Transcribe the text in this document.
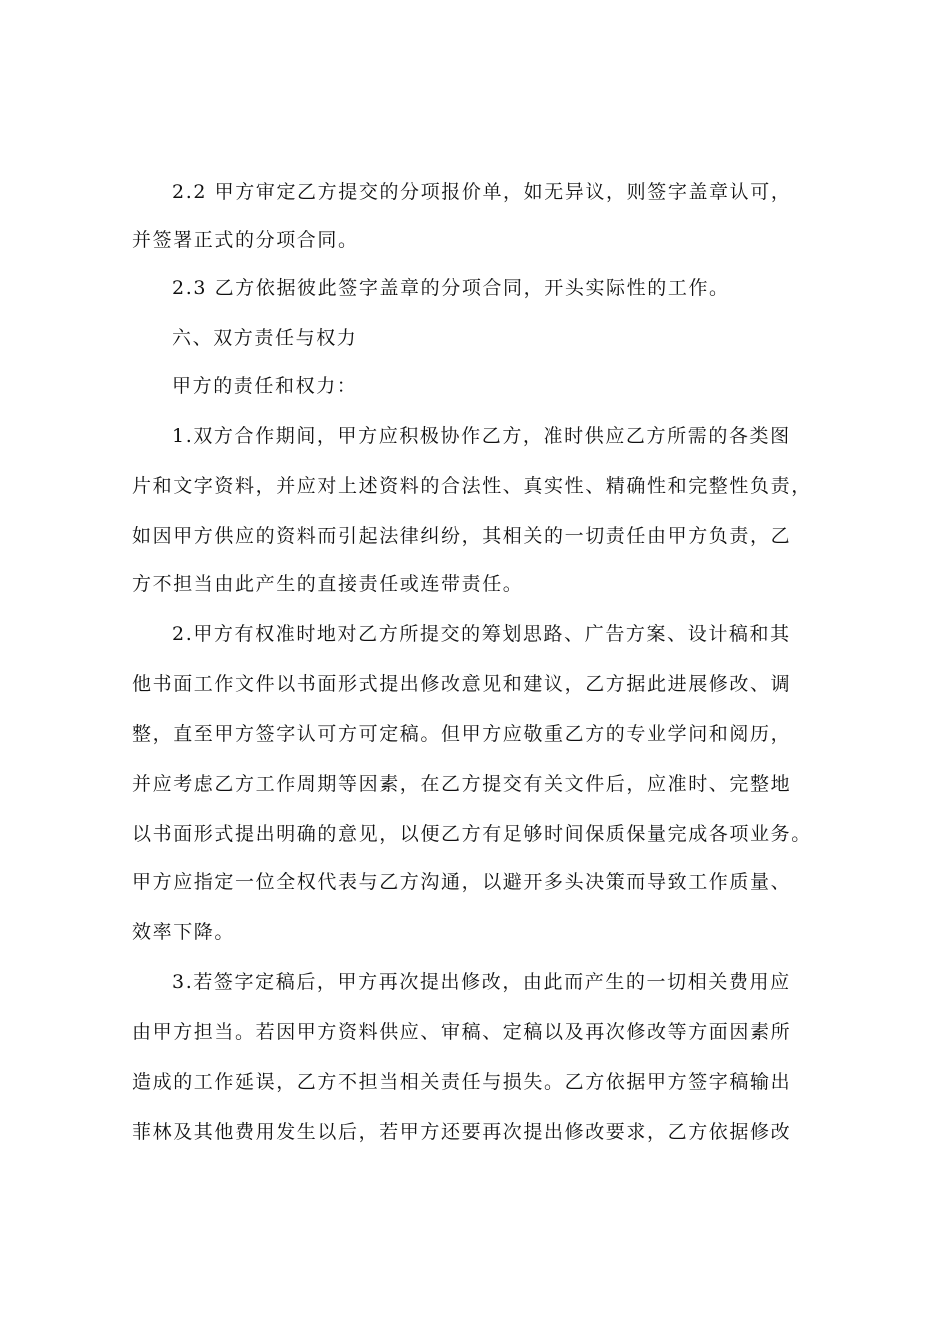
2.2 甲方审定乙方提交的分项报价单，如无异议，则签字盖章认可，
并签署正式的分项合同。
2.3 乙方依据彼此签字盖章的分项合同，开头实际性的工作。
六、双方责任与权力
甲方的责任和权力：
1.双方合作期间，甲方应积极协作乙方，准时供应乙方所需的各类图
片和文字资料，并应对上述资料的合法性、真实性、精确性和完整性负责，
如因甲方供应的资料而引起法律纠纷，其相关的一切责任由甲方负责，乙
方不担当由此产生的直接责任或连带责任。
2.甲方有权准时地对乙方所提交的筹划思路、广告方案、设计稿和其
他书面工作文件以书面形式提出修改意见和建议，乙方据此进展修改、调
整，直至甲方签字认可方可定稿。但甲方应敬重乙方的专业学问和阅历，
并应考虑乙方工作周期等因素，在乙方提交有关文件后，应准时、完整地
以书面形式提出明确的意见，以便乙方有足够时间保质保量完成各项业务。
甲方应指定一位全权代表与乙方沟通，以避开多头决策而导致工作质量、
效率下降。
3.若签字定稿后，甲方再次提出修改，由此而产生的一切相关费用应
由甲方担当。若因甲方资料供应、审稿、定稿以及再次修改等方面因素所
造成的工作延误，乙方不担当相关责任与损失。乙方依据甲方签字稿输出
菲林及其他费用发生以后，若甲方还要再次提出修改要求，乙方依据修改
